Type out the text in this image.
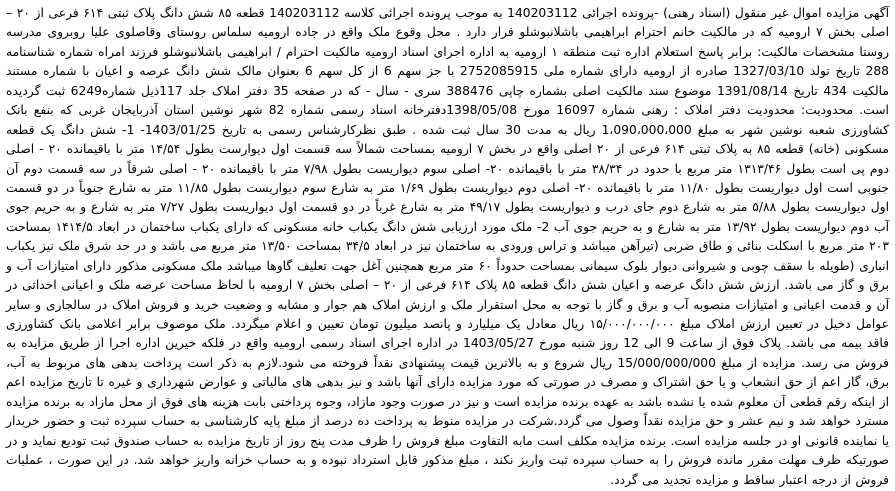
آگهی مزایده اموال غیر منقول (اسناد رهنی) -پرونده اجرائی 140203112 به موجب پرونده اجرائی کلاسه 140203112 قطعه ۸۵ شش دانگ پلاک ثبتی ۶۱۴ فرعی از ۲۰ – اصلی بخش ۷ ارومیه که در مالکیت خانم احترام ابراهیمی باشلانبوشلو قرار دارد . محل وقوع ملک واقع در جاده ارومیه سلماس روستای وقاصلوی علیا روبروی مدرسه روستا مشخصات مالکیت: برابر پاسخ استعلام اداره ثبت منطقه ۱ ارومیه به اداره اجرای اسناد ارومیه مالکیت احترام / ابراهیمی باشلانبوشلو فرزند امراه شماره شناسنامه 288 تاریخ تولد 1327/03/10 صادره از ارومیه دارای شماره ملی 2752085915 با جز سهم 6 از کل سهم 6 بعنوان مالک شش دانگ عرصه و اعیان با شماره مستند مالکیت 434 تاریخ 1391/08/14 موضوع سند مالکیت اصلی بشماره چاپی 388476 سری - سال - که در صفحه 35 دفتر املاک جلد 117ذیل شماره6249 ثبت گردیده است. محدودیت: محدودیت دفتر املاک : رهنی شماره 16097 مورخ 1398/05/08دفترخانه اسناد رسمی شماره 82 شهر نوشین استان آذربایجان غربی که بنفع بانک کشاورزی شعبه نوشین شهر به مبلغ 1،090،000،000 ریال به مدت 30 سال ثبت شده . طبق نظرکارشناس رسمی به تاریخ 1403/01/25- 1- شش دانگ یک قطعه مسکونی (خانه) قطعه ۸۵ به پلاک ثبتی ۶۱۴ فرعی از ۲۰ اصلی واقع در بخش ۷ ارومیه بمساحت شمالاً سه قسمت اول دیوارست بطول ۱۴/۵۴ متر با باقیمانده ۲۰ - اصلی دوم پی است بطول ۱۳۱۳/۴۶ متر مربع با حدود در ۳۸/۳۴ متر با باقیمانده ۲۰- اصلی سوم دیواریست بطول ۷/۹۸ متر با باقیمانده ۲۰ - اصلی شرقاً در سه قسمت دوم آن جنوبی است اول دیواریست بطول ۱۱/۸۰ متر با باقیمانده ۲۰- اصلی دوم دیواریست بطول ۱/۶۹ متر به شارع سوم دیواریست بطول ۱۱/۸۵ متر به شارع جنوباً در دو قسمت اول دیواریست بطول ۵/۸۸ متر به شارع دوم جای درب و دیواریست بطول ۴۹/۱۷ متر به شارع غرباً در دو قسمت اول دیواریست بطول ۷/۲۷ متر به شارع و به حریم جوی آب دوم دیواریست بطول ۱۳/۹۲ متر به شارع و به حریم جوی آب 2- ملک مورد ارزیابی شش دانگ یکباب خانه مسکونی که دارای یکباب ساختمان در ابعاد ۱۴۱۴/۵ بمساحت ۲۰۳ متر مربع با اسکلت بنائی و طاق ضربی (تیرآهن میباشد و تراس ورودی به ساختمان نیز در ابعاد ۳۴/۵ بمساحت ۱۳/۵۰ متر مربع می باشد و در حد شرق ملک نیز یکباب انباری (طویله با سقف چوبی و شیروانی دیوار بلوک سیمانی بمساحت حدوداً ۶۰ متر مربع همچنین آغل جهت تعلیف گاوها میباشد ملک مسکونی مذکور دارای امتیازات آب و برق و گاز می باشد. ارزش شش دانگ عرصه و اعیان شش دانگ قطعه ۸۵ پلاک ۶۱۴ فرعی از ۲۰ – اصلی بخش ۷ ارومیه با لحاظ مساحت عرصه ملک و اعیانی احداثی در آن و قدمت اعیانی و امتیازات منصوبه آب و برق و گاز با توجه به محل استقرار ملک و ارزش املاک هم جوار و مشابه و وضعیت خرید و فروش املاک در سالجاری و سایر عوامل دخیل در تعیین ارزش املاک مبلغ ۱۵/۰۰۰/۰۰۰/۰۰۰ ریال معادل یک میلیارد و پانصد میلیون تومان تعیین و اعلام میگردد. ملک موصوف برابر اعلامی بانک کشاورزی فاقد بیمه می باشد. پلاک فوق از ساعت 9 الی 12 روز شنبه مورخ 1403/05/27 در اداره اجرای اسناد رسمی ارومیه واقع در فلکه خیرین اداره اجرا از طریق مزایده به فروش می رسد. مزایده از مبلغ 15/000/000/000 ریال شروع و به بالاترین قیمت پیشنهادی نقداً فروخته می شود.لازم به ذکر است پرداخت بدهی های مربوط به آب، برق، گاز اعم از حق انشعاب و یا حق اشتراک و مصرف در صورتی که مورد مزایده دارای آنها باشد و نیز بدهی های مالیاتی و عوارض شهرداری و غیره تا تاریخ مزایده اعم از اینکه رقم قطعی آن معلوم شده یا نشده باشد به عهده برنده مزایده است و نیز در صورت وجود مازاد، وجوه پرداختی بابت هزینه های فوق از محل مازاد به برنده مزایده مسترد خواهد شد و نیم عشر و حق مزایده نقداً وصول می گردد.شرکت در مزایده منوط به پرداخت ده درصد از مبلغ پایه کارشناسی به حساب سپرده ثبت و حضور خریدار یا نماینده قانونی او در جلسه مزایده است. برنده مزایده مکلف است مابه التفاوت مبلغ فروش را ظرف مدت پنج روز از تاریخ مزایده به حساب صندوق ثبت توديع نمايد و در صورتيکه ظرف مهلت مقرر مانده فروش را به حساب سپرده ثبت واریز نکند ، مبلغ مذکور قابل استرداد نبوده و به حساب خزانه واریز خواهد شد. در این صورت ، عملیات فروش از درجه اعتبار ساقط و مزایده تجدید می گردد.
